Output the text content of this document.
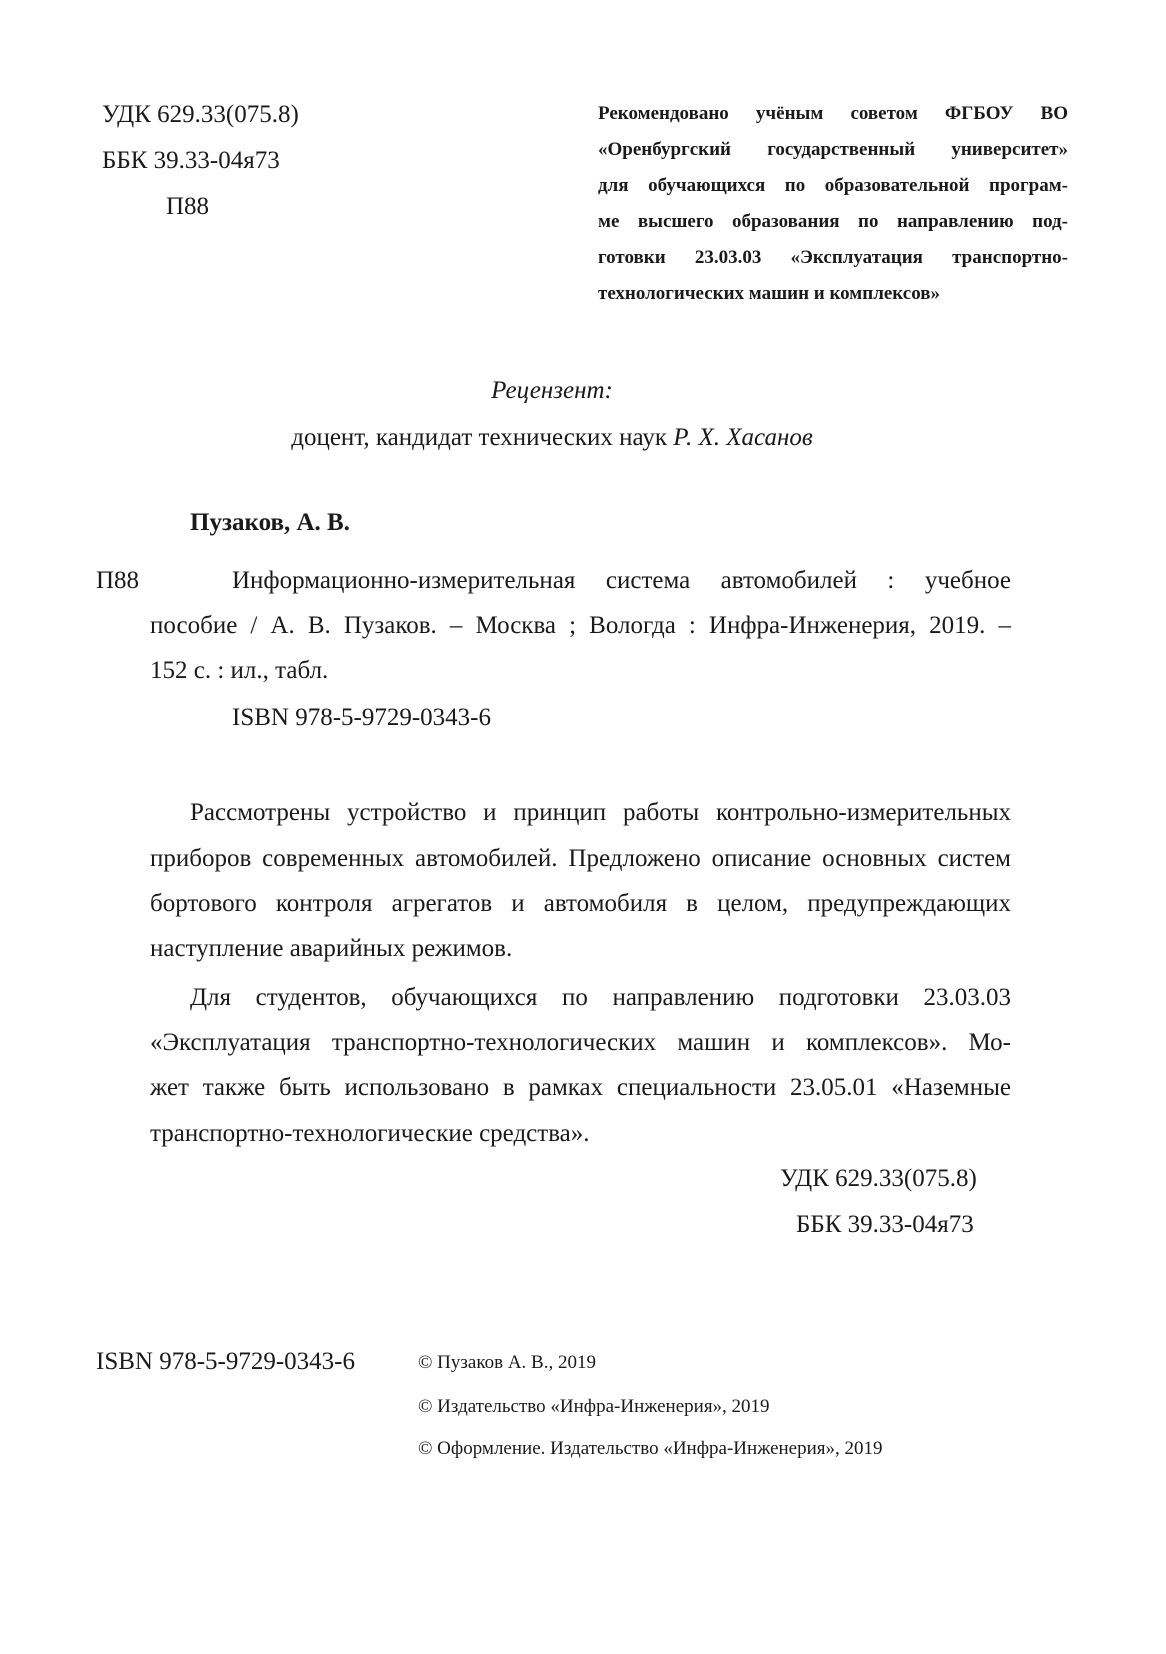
УДК 629.33(075.8)
ББК 39.33-04я73
П88
Рекомендовано учёным советом ФГБОУ ВО
«Оренбургский государственный университет»
для обучающихся по образовательной програм-
ме высшего образования по направлению под-
готовки 23.03.03 «Эксплуатация транспортно-
технологических машин и комплексов»
Рецензент:
доцент, кандидат технических наук Р. Х. Хасанов
Пузаков, А. В.
П88	Информационно-измерительная система автомобилей : учебное
пособие / А. В. Пузаков. – Москва ; Вологда : Инфра-Инженерия, 2019. –
152 с. : ил., табл.
ISBN 978-5-9729-0343-6
Рассмотрены устройство и принцип работы контрольно-измерительных
приборов современных автомобилей. Предложено описание основных систем
бортового контроля агрегатов и автомобиля в целом, предупреждающих
наступление аварийных режимов.
Для студентов, обучающихся по направлению подготовки 23.03.03
«Эксплуатация транспортно-технологических машин и комплексов». Мо-
жет также быть использовано в рамках специальности 23.05.01 «Наземные
транспортно-технологические средства».
УДК 629.33(075.8)
ББК 39.33-04я73
ISBN 978-5-9729-0343-6	© Пузаков А. В., 2019
© Издательство «Инфра-Инженерия», 2019
© Оформление. Издательство «Инфра-Инженерия», 2019
